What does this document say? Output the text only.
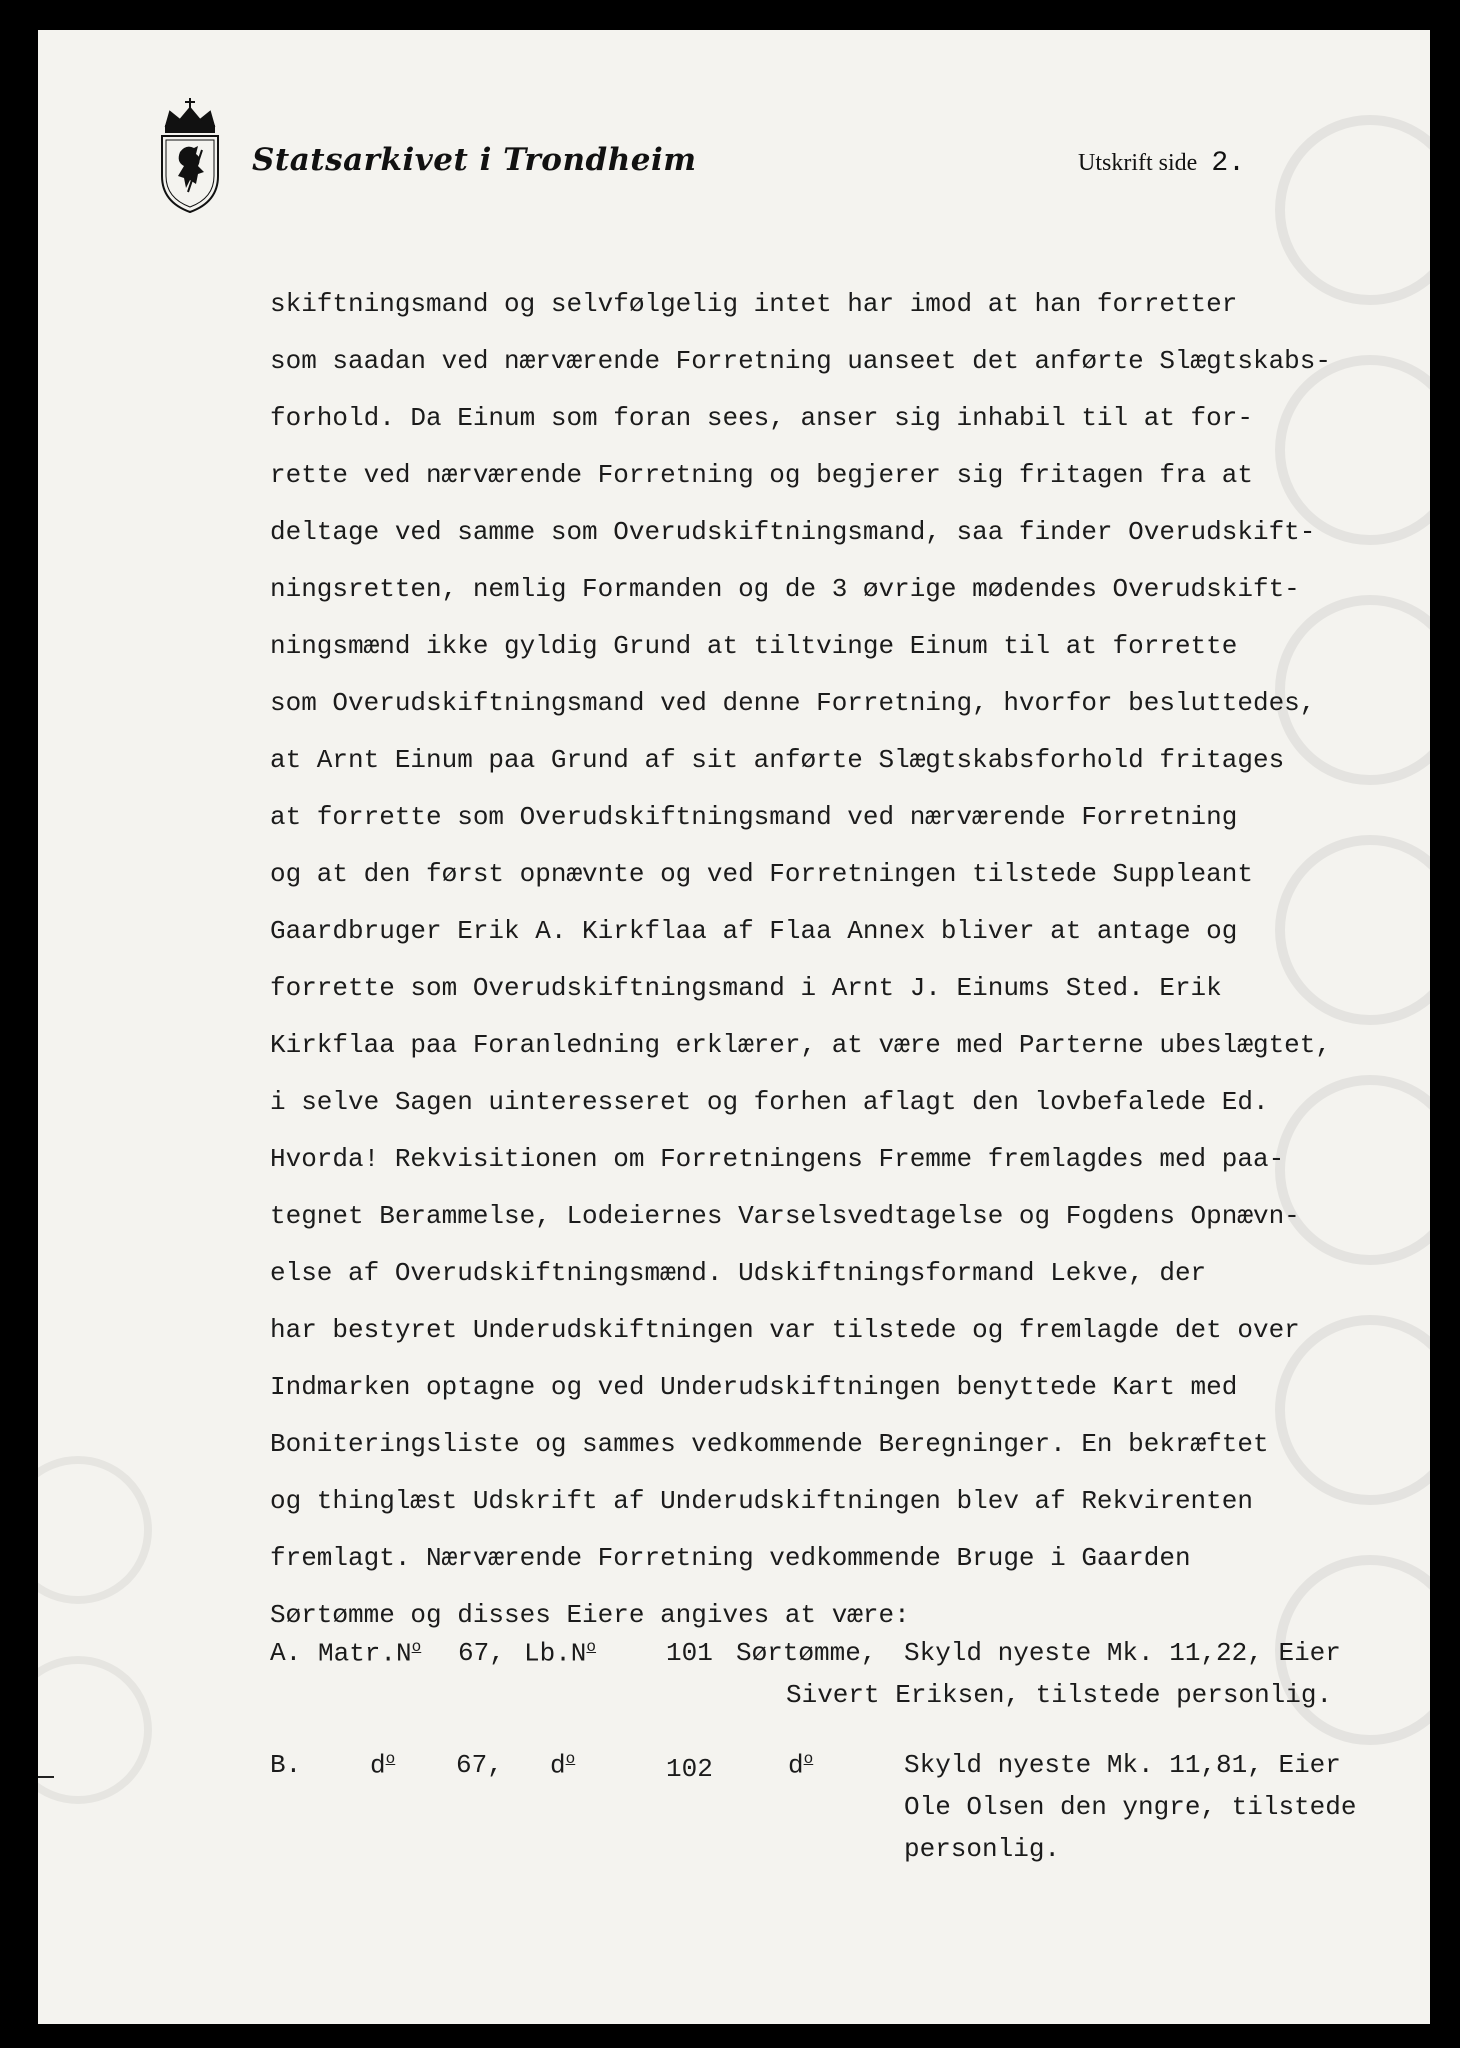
Statsarkivet i Trondheim	Utskrift side 2.
skiftningsmand og selvfølgelig intet har imod at han forretter
som saadan ved nærværende Forretning uanseet det anførte Slægtskabs-
forhold. Da Einum som foran sees, anser sig inhabil til at for-
rette ved nærværende Forretning og begjerer sig fritagen fra at
deltage ved samme som Overudskiftningsmand, saa finder Overudskift-
ningsretten, nemlig Formanden og de 3 øvrige mødendes Overudskift-
ningsmænd ikke gyldig Grund at tiltvinge Einum til at forrette
som Overudskiftningsmand ved denne Forretning, hvorfor besluttedes,
at Arnt Einum paa Grund af sit anførte Slægtskabsforhold fritages
at forrette som Overudskiftningsmand ved nærværende Forretning
og at den først opnævnte og ved Forretningen tilstede Suppleant
Gaardbruger Erik A. Kirkflaa af Flaa Annex bliver at antage og
forrette som Overudskiftningsmand i Arnt J. Einums Sted. Erik
Kirkflaa paa Foranledning erklærer, at være med Parterne ubeslægtet,
i selve Sagen uinteresseret og forhen aflagt den lovbefalede Ed.
Hvorda! Rekvisitionen om Forretningens Fremme fremlagdes med paa-
tegnet Berammelse, Lodeiernes Varselsvedtagelse og Fogdens Opnævn-
else af Overudskiftningsmænd. Udskiftningsformand Lekve, der
har bestyret Underudskiftningen var tilstede og fremlagde det over
Indmarken optagne og ved Underudskiftningen benyttede Kart med
Boniteringsliste og sammes vedkommende Beregninger. En bekræftet
og thinglæst Udskrift af Underudskiftningen blev af Rekvirenten
fremlagt. Nærværende Forretning vedkommende Bruge i Gaarden
Sørtømme og disses Eiere angives at være:
A. $Matr.N^o$ 67, $Lb.N^o$	101 Sørtømme, Skyld nyeste Mk. 11,22, Eier
Sivert Eriksen, tilstede personlig.
B.	$d^o$ 67, $d^o$	102	$d^o$	Skyld nyeste Mk. 11,81, Eier
Ole Olsen den yngre, tilstede
personlig.
